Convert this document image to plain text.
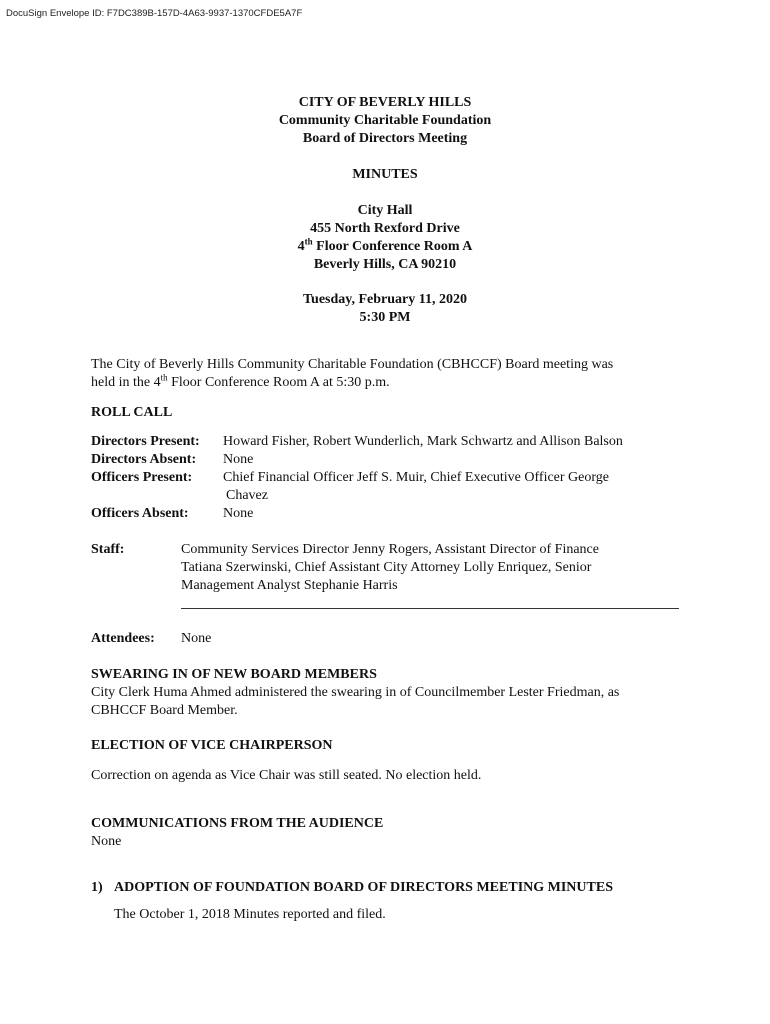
DocuSign Envelope ID: F7DC389B-157D-4A63-9937-1370CFDE5A7F
CITY OF BEVERLY HILLS
Community Charitable Foundation
Board of Directors Meeting
MINUTES
City Hall
455 North Rexford Drive
4th Floor Conference Room A
Beverly Hills, CA 90210
Tuesday, February 11, 2020
5:30 PM
The City of Beverly Hills Community Charitable Foundation (CBHCCF) Board meeting was
held in the 4th Floor Conference Room A at 5:30 p.m.
ROLL CALL
Directors Present: Howard Fisher, Robert Wunderlich, Mark Schwartz and Allison Balson
Directors Absent: None
Officers Present: Chief Financial Officer Jeff S. Muir, Chief Executive Officer George
Chavez
Officers Absent: None
Staff:	Community Services Director Jenny Rogers, Assistant Director of Finance
Tatiana Szerwinski, Chief Assistant City Attorney Lolly Enriquez, Senior
Management Analyst Stephanie Harris
Attendees: None
SWEARING IN OF NEW BOARD MEMBERS
City Clerk Huma Ahmed administered the swearing in of Councilmember Lester Friedman, as
CBHCCF Board Member.
ELECTION OF VICE CHAIRPERSON
Correction on agenda as Vice Chair was still seated. No election held.
COMMUNICATIONS FROM THE AUDIENCE
None
1) ADOPTION OF FOUNDATION BOARD OF DIRECTORS MEETING MINUTES
The October 1, 2018 Minutes reported and filed.
